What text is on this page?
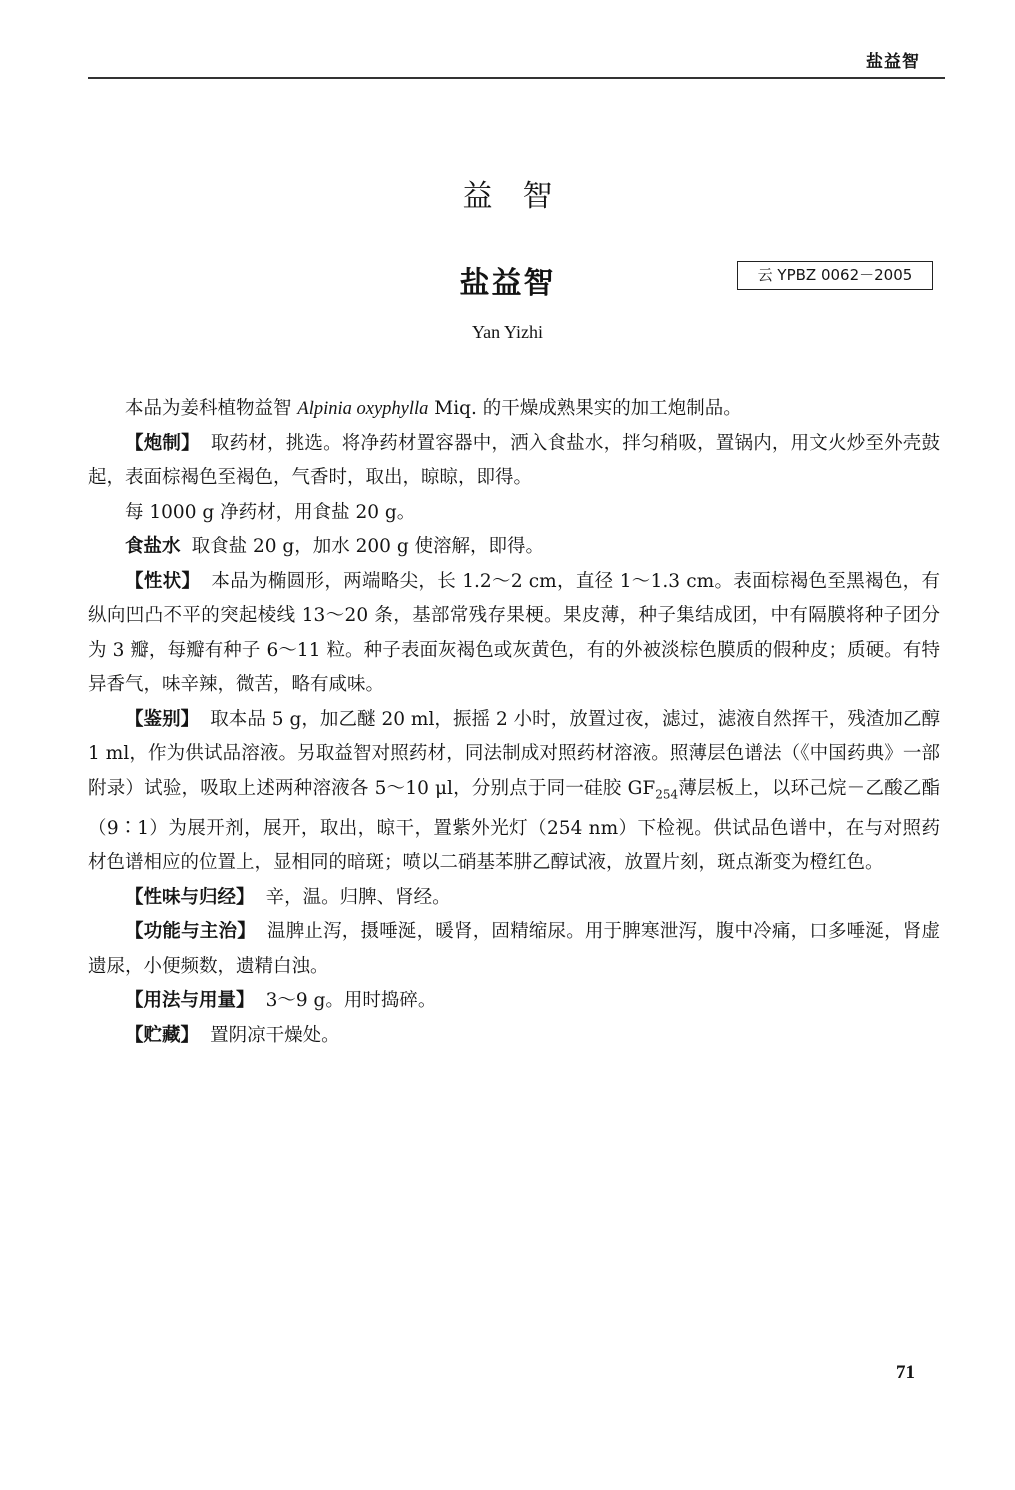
盐益智
益智
盐益智	云 YPBZ 0062－2005
Yan Yizhi

本品为姜科植物益智 Alpinia oxyphylla Miq. 的干燥成熟果实的加工炮制品。

【炮制】 取药材，挑选。将净药材置容器中，洒入食盐水，拌匀稍吸，置锅内，用文火炒至外壳鼓起，表面棕褐色至褐色，气香时，取出，晾晾，即得。

每 1000 g 净药材，用食盐 20 g。

食盐水 取食盐 20 g，加水 200 g 使溶解，即得。

【性状】 本品为椭圆形，两端略尖，长 1.2～2 cm，直径 1～1.3 cm。表面棕褐色至黑褐色，有纵向凹凸不平的突起棱线 13～20 条，基部常残存果梗。果皮薄，种子集结成团，中有隔膜将种子团分为 3 瓣，每瓣有种子 6～11 粒。种子表面灰褐色或灰黄色，有的外被淡棕色膜质的假种皮；质硬。有特异香气，味辛辣，微苦，略有咸味。

【鉴别】 取本品 5 g，加乙醚 20 ml，振摇 2 小时，放置过夜，滤过，滤液自然挥干，残渣加乙醇 1 ml，作为供试品溶液。另取益智对照药材，同法制成对照药材溶液。照薄层色谱法（《中国药典》一部附录）试验，吸取上述两种溶液各 5～10 μl，分别点于同一硅胶 $GF_{254}$薄层板上，以环己烷－乙酸乙酯（9∶1）为展开剂，展开，取出，晾干，置紫外光灯（254 nm）下检视。供试品色谱中，在与对照药材色谱相应的位置上，显相同的暗斑；喷以二硝基苯肼乙醇试液，放置片刻，斑点渐变为橙红色。

【性味与归经】 辛，温。归脾、肾经。

【功能与主治】 温脾止泻，摄唾涎，暖肾，固精缩尿。用于脾寒泄泻，腹中冷痛，口多唾涎，肾虚遗尿，小便频数，遗精白浊。

【用法与用量】 3～9 g。用时捣碎。

【贮藏】 置阴凉干燥处。

71
